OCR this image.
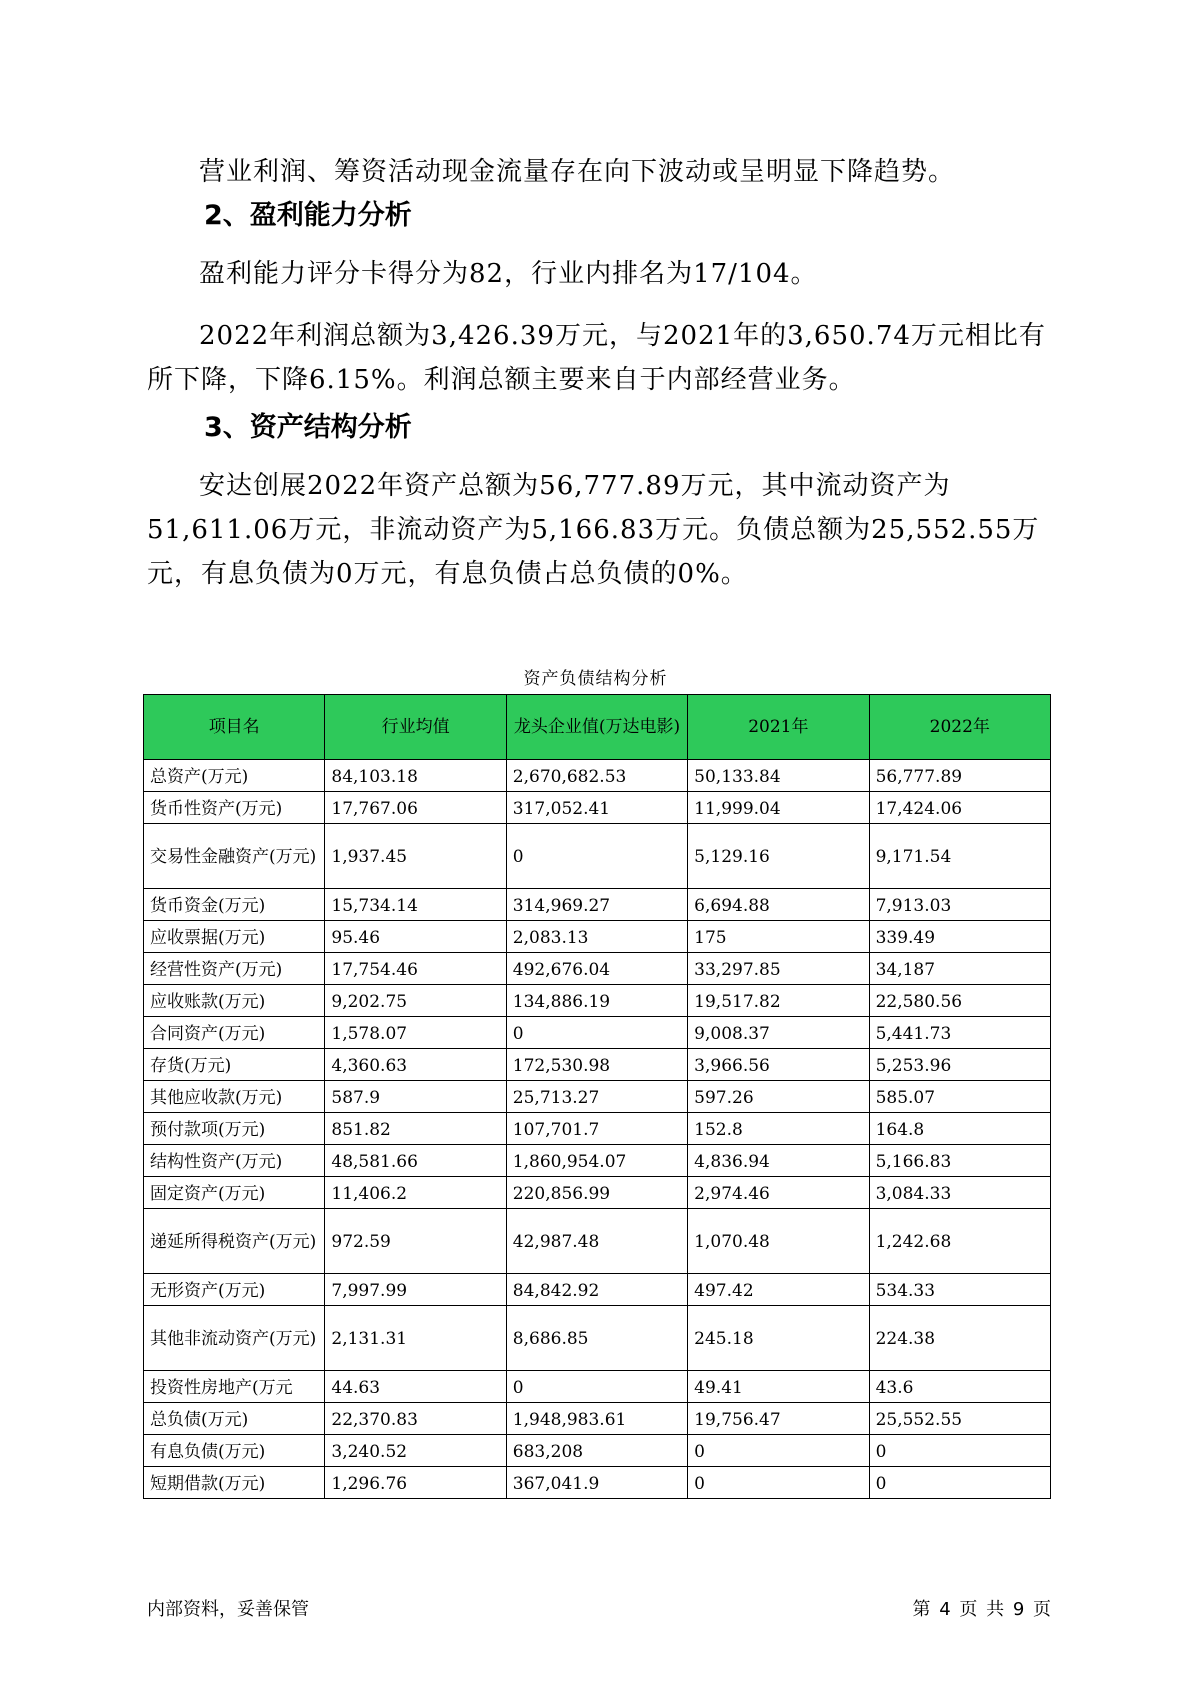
营业利润、筹资活动现金流量存在向下波动或呈明显下降趋势。
2、盈利能力分析
盈利能力评分卡得分为82，行业内排名为17/104。
2022年利润总额为3,426.39万元，与2021年的3,650.74万元相比有所下降，下降6.15%。利润总额主要来自于内部经营业务。
3、资产结构分析
安达创展2022年资产总额为56,777.89万元，其中流动资产为51,611.06万元，非流动资产为5,166.83万元。负债总额为25,552.55万元，有息负债为0万元，有息负债占总负债的0%。
资产负债结构分析
项目名	行业均值	龙头企业值(万达电影)	2021年	2022年
总资产(万元)	84,103.18	2,670,682.53	50,133.84	56,777.89
货币性资产(万元)	17,767.06	317,052.41	11,999.04	17,424.06
交易性金融资产(万元)	1,937.45	0	5,129.16	9,171.54
货币资金(万元)	15,734.14	314,969.27	6,694.88	7,913.03
应收票据(万元)	95.46	2,083.13	175	339.49
经营性资产(万元)	17,754.46	492,676.04	33,297.85	34,187
应收账款(万元)	9,202.75	134,886.19	19,517.82	22,580.56
合同资产(万元)	1,578.07	0	9,008.37	5,441.73
存货(万元)	4,360.63	172,530.98	3,966.56	5,253.96
其他应收款(万元)	587.9	25,713.27	597.26	585.07
预付款项(万元)	851.82	107,701.7	152.8	164.8
结构性资产(万元)	48,581.66	1,860,954.07	4,836.94	5,166.83
固定资产(万元)	11,406.2	220,856.99	2,974.46	3,084.33
递延所得税资产(万元)	972.59	42,987.48	1,070.48	1,242.68
无形资产(万元)	7,997.99	84,842.92	497.42	534.33
其他非流动资产(万元)	2,131.31	8,686.85	245.18	224.38
投资性房地产(万元	44.63	0	49.41	43.6
总负债(万元)	22,370.83	1,948,983.61	19,756.47	25,552.55
有息负债(万元)	3,240.52	683,208	0	0
短期借款(万元)	1,296.76	367,041.9	0	0
内部资料，妥善保管	第 4 页 共 9 页
